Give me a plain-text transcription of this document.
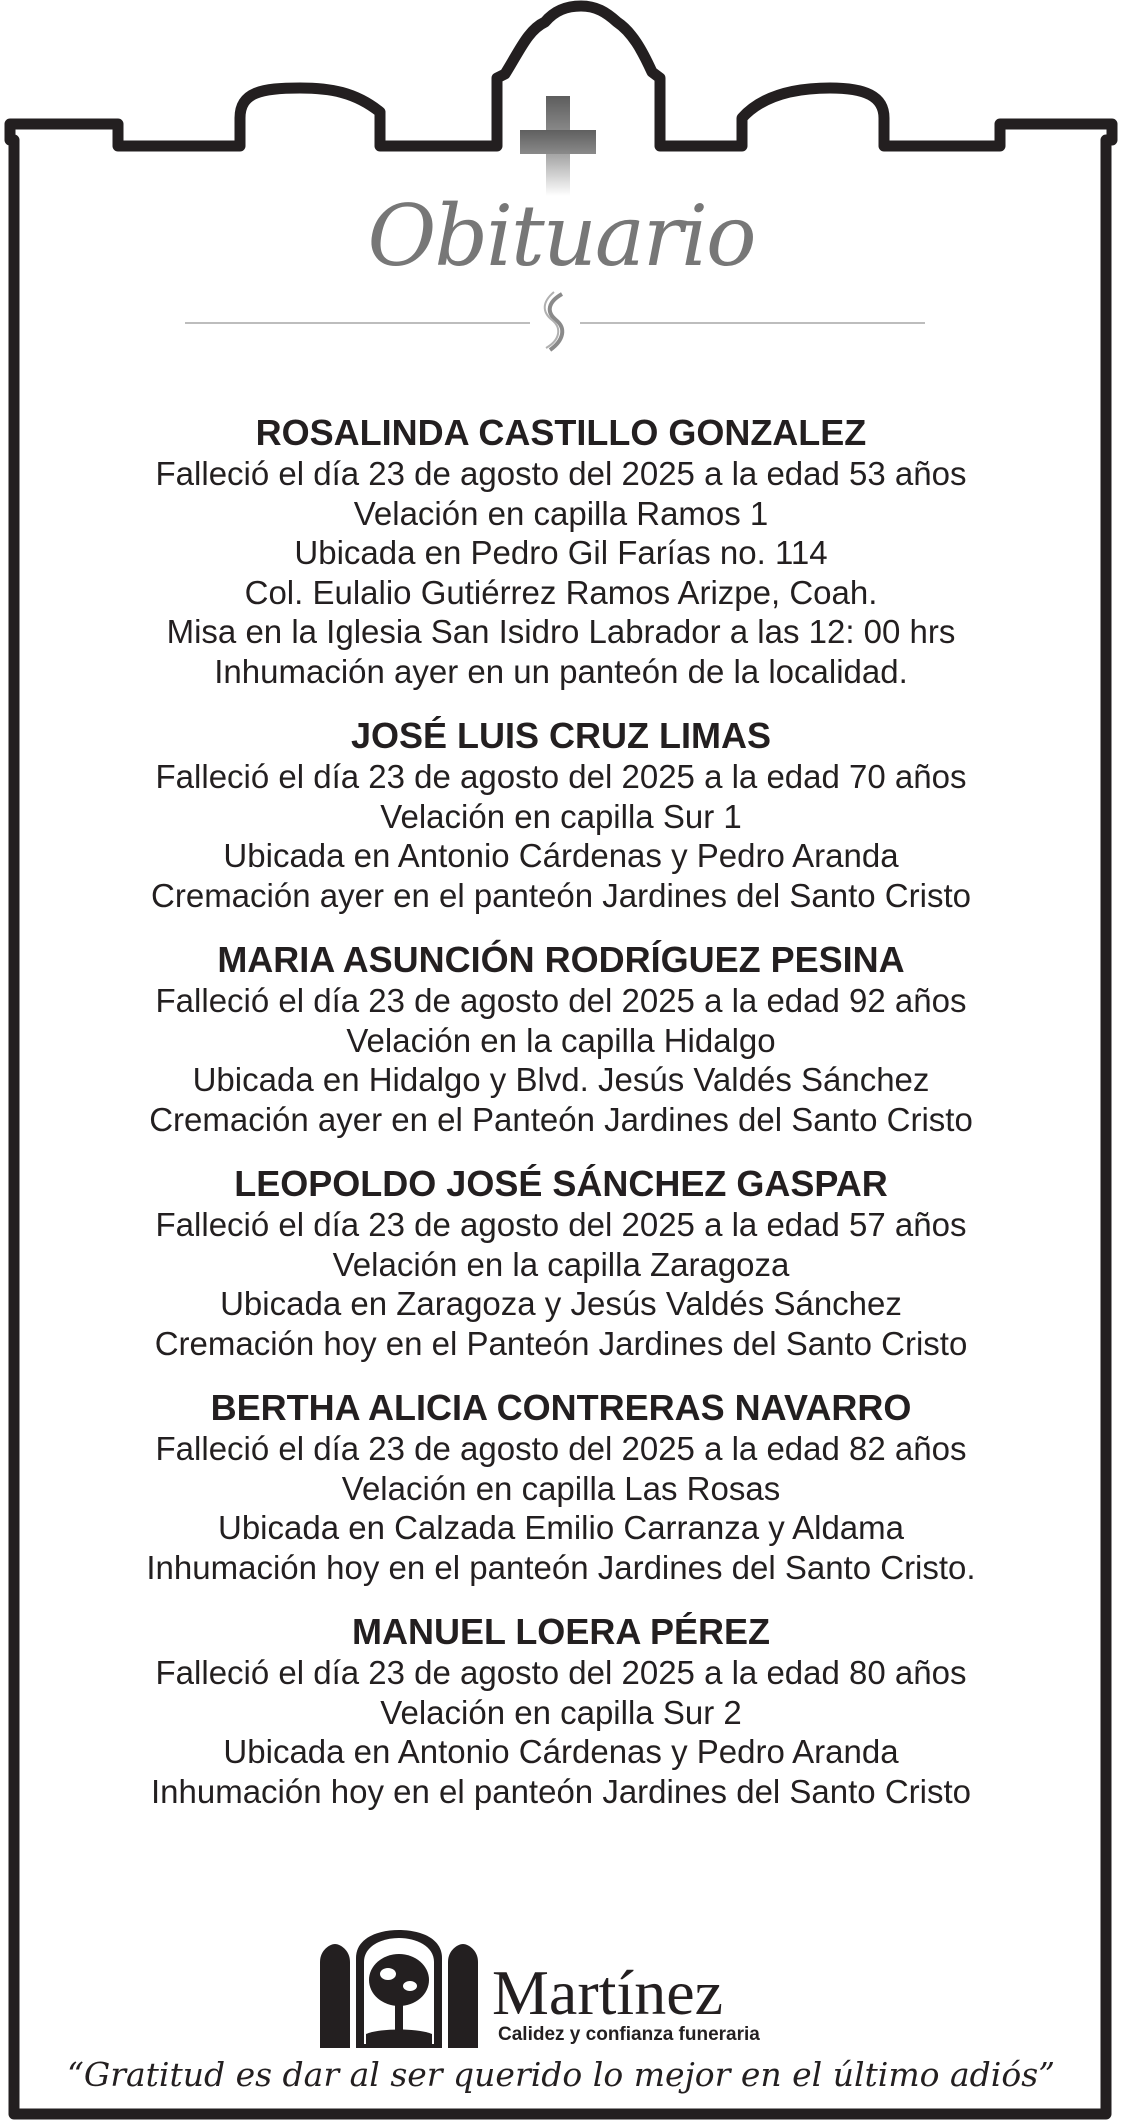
Obituario

ROSALINDA CASTILLO GONZALEZ

Falleció el día 23 de agosto del 2025 a la edad 53 años

Velación en capilla Ramos 1

Ubicada en Pedro Gil Farías no. 114

Col. Eulalio Gutiérrez Ramos Arizpe, Coah.

Misa en la Iglesia San Isidro Labrador a las 12: 00 hrs

Inhumación ayer en un panteón de la localidad.

JOSÉ LUIS CRUZ LIMAS

Falleció el día 23 de agosto del 2025 a la edad 70 años

Velación en capilla Sur 1

Ubicada en Antonio Cárdenas y Pedro Aranda

Cremación ayer en el panteón Jardines del Santo Cristo

MARIA ASUNCIÓN RODRÍGUEZ PESINA

Falleció el día 23 de agosto del 2025 a la edad 92 años

Velación en la capilla Hidalgo

Ubicada en Hidalgo y Blvd. Jesús Valdés Sánchez

Cremación ayer en el Panteón Jardines del Santo Cristo

LEOPOLDO JOSÉ SÁNCHEZ GASPAR

Falleció el día 23 de agosto del 2025 a la edad 57 años

Velación en la capilla Zaragoza

Ubicada en Zaragoza y Jesús Valdés Sánchez

Cremación hoy en el Panteón Jardines del Santo Cristo

BERTHA ALICIA CONTRERAS NAVARRO

Falleció el día 23 de agosto del 2025 a la edad 82 años

Velación en capilla Las Rosas

Ubicada en Calzada Emilio Carranza y Aldama

Inhumación hoy en el panteón Jardines del Santo Cristo.

MANUEL LOERA PÉREZ

Falleció el día 23 de agosto del 2025 a la edad 80 años

Velación en capilla Sur 2

Ubicada en Antonio Cárdenas y Pedro Aranda

Inhumación hoy en el panteón Jardines del Santo Cristo

Martínez
Calidez y confianza funeraria
“Gratitud es dar al ser querido lo mejor en el último adiós”
